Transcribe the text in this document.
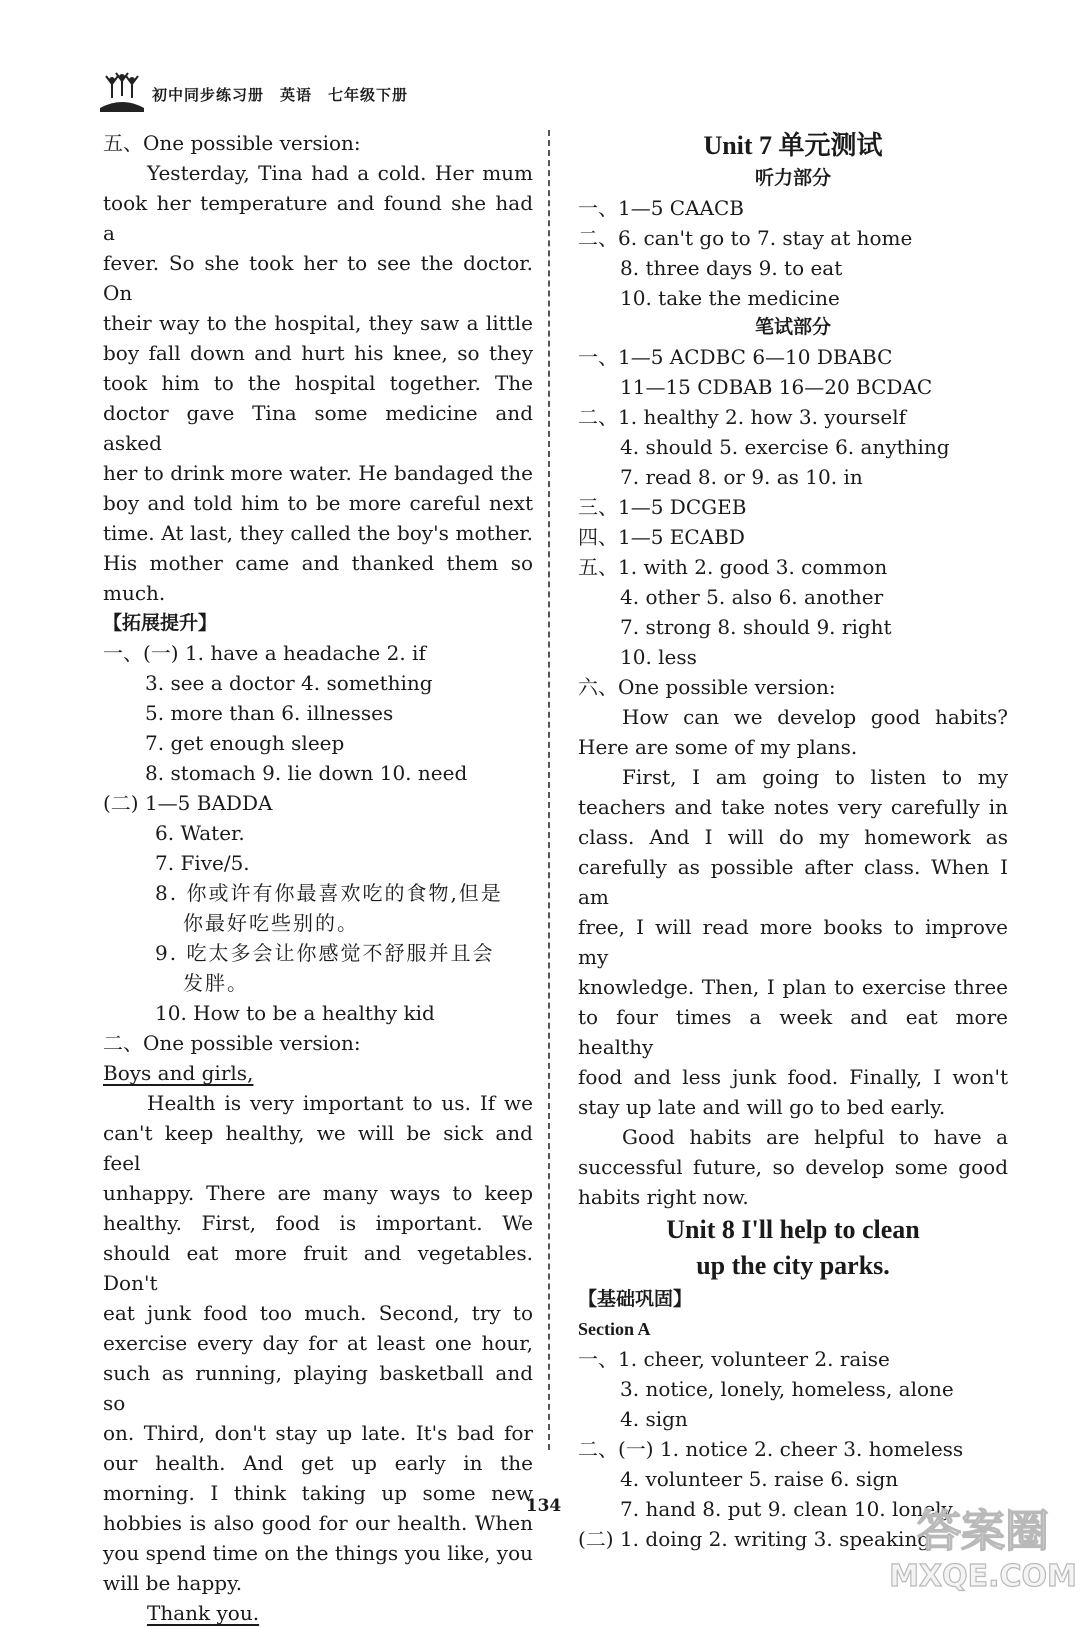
初中同步练习册 英语 七年级下册
五、One possible version:
Yesterday, Tina had a cold. Her mum
took her temperature and found she had a
fever. So she took her to see the doctor. On
their way to the hospital, they saw a little
boy fall down and hurt his knee, so they
took him to the hospital together. The
doctor gave Tina some medicine and asked
her to drink more water. He bandaged the
boy and told him to be more careful next
time. At last, they called the boy's mother.
His mother came and thanked them so
much.
【拓展提升】
一、(一) 1. have a headache 2. if
3. see a doctor 4. something
5. more than 6. illnesses
7. get enough sleep
8. stomach 9. lie down 10. need
(二) 1—5 BADDA
6. Water.
7. Five/5.
8. 你或许有你最喜欢吃的食物,但是
你最好吃些别的。
9. 吃太多会让你感觉不舒服并且会
发胖。
10. How to be a healthy kid
二、One possible version:
Boys and girls,
Health is very important to us. If we
can't keep healthy, we will be sick and feel
unhappy. There are many ways to keep
healthy. First, food is important. We
should eat more fruit and vegetables. Don't
eat junk food too much. Second, try to
exercise every day for at least one hour,
such as running, playing basketball and so
on. Third, don't stay up late. It's bad for
our health. And get up early in the
morning. I think taking up some new
hobbies is also good for our health. When
you spend time on the things you like, you
will be happy.
Thank you.
Unit 7 单元测试
听力部分
一、1—5 CAACB
二、6. can't go to 7. stay at home
8. three days 9. to eat
10. take the medicine
笔试部分
一、1—5 ACDBC 6—10 DBABC
11—15 CDBAB 16—20 BCDAC
二、1. healthy 2. how 3. yourself
4. should 5. exercise 6. anything
7. read 8. or 9. as 10. in
三、1—5 DCGEB
四、1—5 ECABD
五、1. with 2. good 3. common
4. other 5. also 6. another
7. strong 8. should 9. right
10. less
六、One possible version:
How can we develop good habits?
Here are some of my plans.
First, I am going to listen to my
teachers and take notes very carefully in
class. And I will do my homework as
carefully as possible after class. When I am
free, I will read more books to improve my
knowledge. Then, I plan to exercise three
to four times a week and eat more healthy
food and less junk food. Finally, I won't
stay up late and will go to bed early.
Good habits are helpful to have a
successful future, so develop some good
habits right now.
Unit 8 I'll help to clean
up the city parks.
【基础巩固】
Section A
一、1. cheer, volunteer 2. raise
3. notice, lonely, homeless, alone
4. sign
二、(一) 1. notice 2. cheer 3. homeless
4. volunteer 5. raise 6. sign
7. hand 8. put 9. clean 10. lonely
(二) 1. doing 2. writing 3. speaking
134	答案圈
MXQE.COM
